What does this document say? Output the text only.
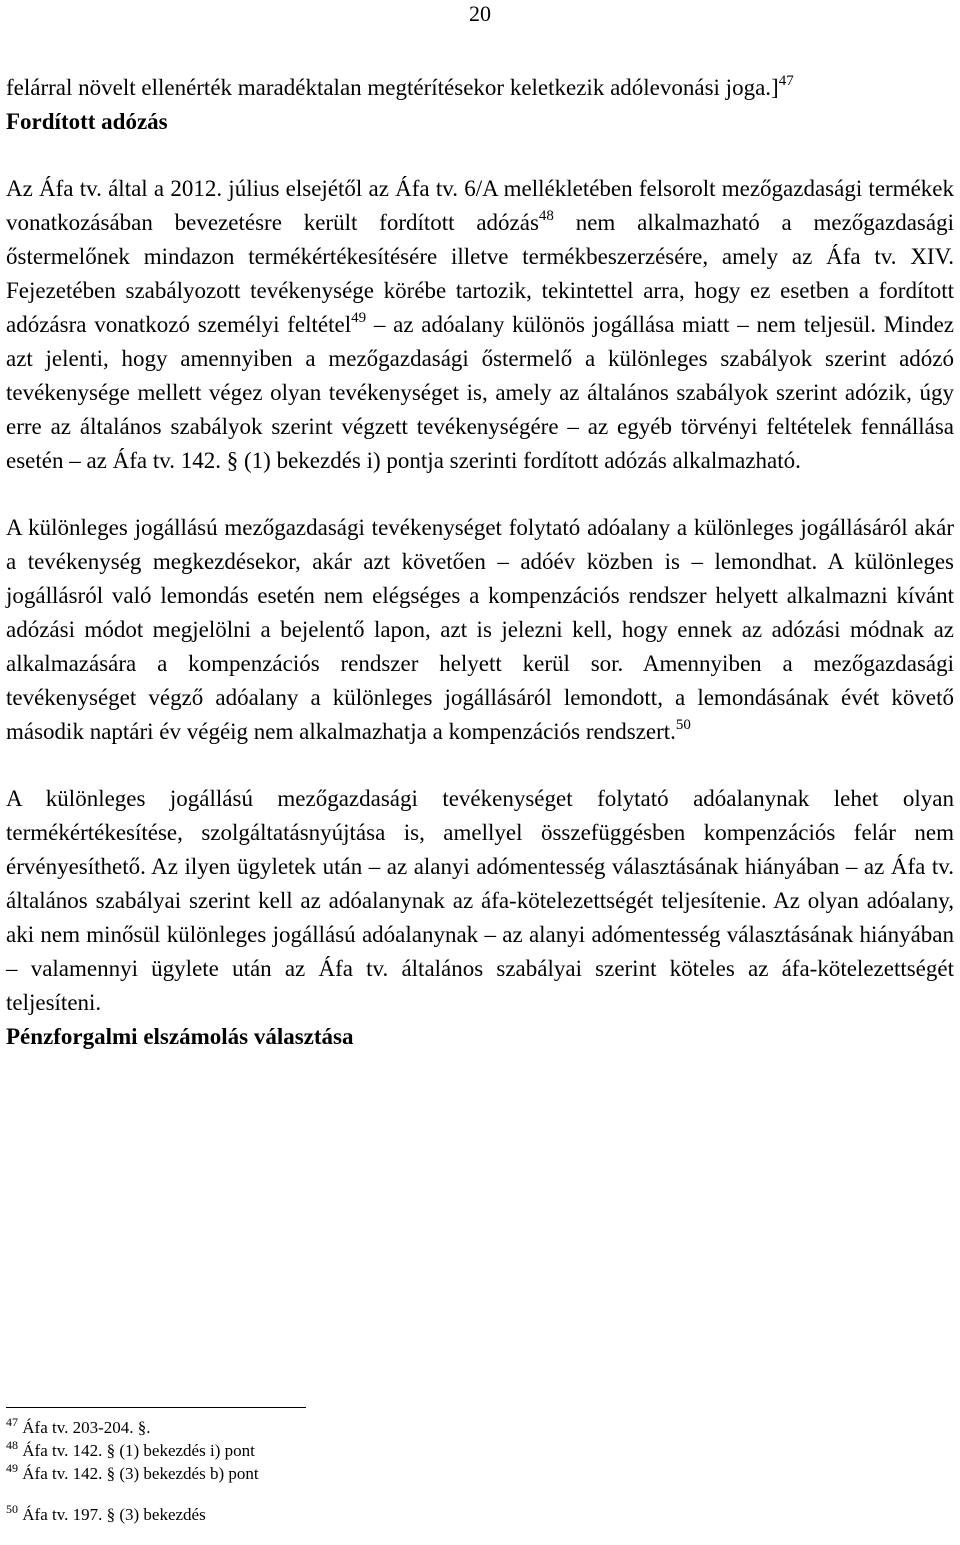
20

felárral növelt ellenérték maradéktalan megtérítésekor keletkezik adólevonási joga.]$^{47}$

Fordított adózás

Az Áfa tv. által a 2012. július elsejétől az Áfa tv. 6/A mellékletében felsorolt mezőgazdasági termékek vonatkozásában bevezetésre került fordított adózás$^{48}$ nem alkalmazható a mezőgazdasági őstermelőnek mindazon termékértékesítésére illetve termékbeszerzésére, amely az Áfa tv. XIV. Fejezetében szabályozott tevékenysége körébe tartozik, tekintettel arra, hogy ez esetben a fordított adózásra vonatkozó személyi feltétel$^{49}$ – az adóalany különös jogállása miatt – nem teljesül. Mindez azt jelenti, hogy amennyiben a mezőgazdasági őstermelő a különleges szabályok szerint adózó tevékenysége mellett végez olyan tevékenységet is, amely az általános szabályok szerint adózik, úgy erre az általános szabályok szerint végzett tevékenységére – az egyéb törvényi feltételek fennállása esetén – az Áfa tv. 142. § (1) bekezdés i) pontja szerinti fordított adózás alkalmazható.

A különleges jogállású mezőgazdasági tevékenységet folytató adóalany a különleges jogállásáról akár a tevékenység megkezdésekor, akár azt követően – adóév közben is – lemondhat. A különleges jogállásról való lemondás esetén nem elégséges a kompenzációs rendszer helyett alkalmazni kívánt adózási módot megjelölni a bejelentő lapon, azt is jelezni kell, hogy ennek az adózási módnak az alkalmazására a kompenzációs rendszer helyett kerül sor. Amennyiben a mezőgazdasági tevékenységet végző adóalany a különleges jogállásáról lemondott, a lemondásának évét követő második naptári év végéig nem alkalmazhatja a kompenzációs rendszert.$^{50}$

A különleges jogállású mezőgazdasági tevékenységet folytató adóalanynak lehet olyan termékértékesítése, szolgáltatásnyújtása is, amellyel összefüggésben kompenzációs felár nem érvényesíthető. Az ilyen ügyletek után – az alanyi adómentesség választásának hiányában – az Áfa tv. általános szabályai szerint kell az adóalanynak az áfa-kötelezettségét teljesítenie. Az olyan adóalany, aki nem minősül különleges jogállású adóalanynak – az alanyi adómentesség választásának hiányában – valamennyi ügylete után az Áfa tv. általános szabályai szerint köteles az áfa-kötelezettségét teljesíteni.

Pénzforgalmi elszámolás választása

$^{47}$ Áfa tv. 203-204. §.

$^{48}$ Áfa tv. 142. § (1) bekezdés i) pont

$^{49}$ Áfa tv. 142. § (3) bekezdés b) pont

$^{50}$ Áfa tv. 197. § (3) bekezdés
